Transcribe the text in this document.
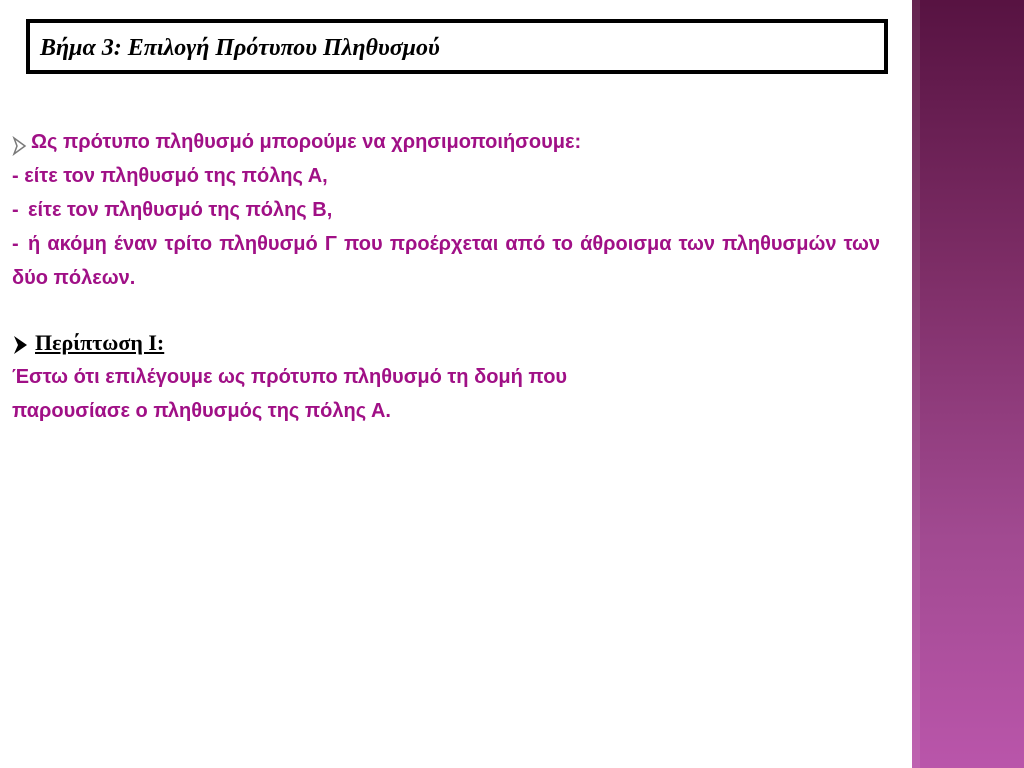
Βήμα 3: Επιλογή Πρότυπου Πληθυσμού
Ως πρότυπο πληθυσμό μπορούμε να χρησιμοποιήσουμε:
- είτε τον πληθυσμό της πόλης Α,
- είτε τον πληθυσμό της πόλης Β,
- ή ακόμη έναν τρίτο πληθυσμό Γ που προέρχεται από το άθροισμα των πληθυσμών των δύο πόλεων.
Περίπτωση Ι:
Έστω ότι επιλέγουμε ως πρότυπο πληθυσμό τη δομή που
παρουσίασε ο πληθυσμός της πόλης Α.
